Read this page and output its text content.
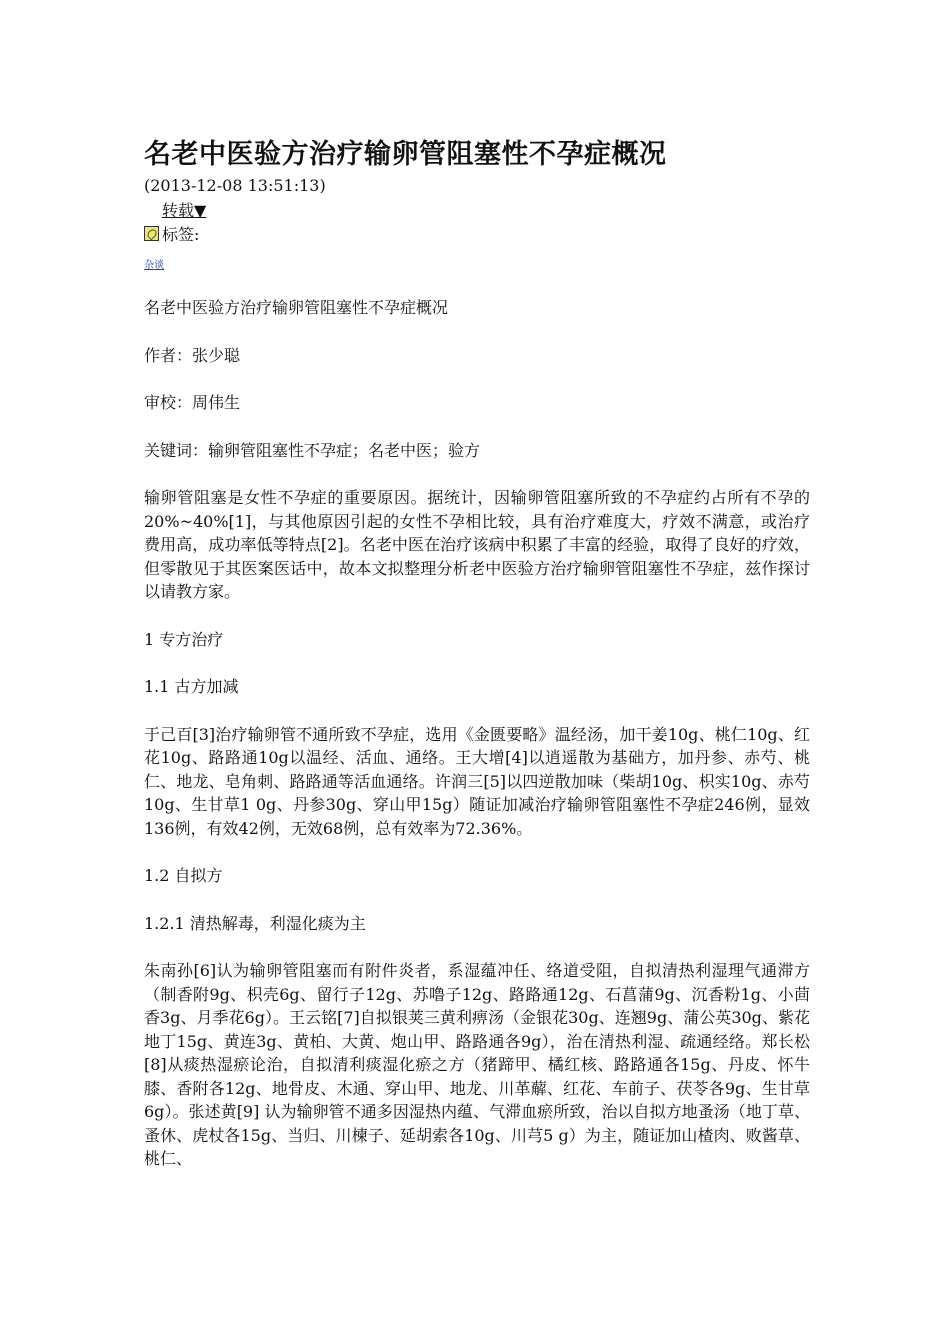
名老中医验方治疗输卵管阻塞性不孕症概况
(2013-12-08 13:51:13)
转载▼
标签:
杂谈

名老中医验方治疗输卵管阻塞性不孕症概况

作者：张少聪

审校：周伟生

关键词：输卵管阻塞性不孕症；名老中医；验方

输卵管阻塞是女性不孕症的重要原因。据统计，因输卵管阻塞所致的不孕症约占所有不孕的20%~40%[1]，与其他原因引起的女性不孕相比较，具有治疗难度大，疗效不满意，或治疗费用高，成功率低等特点[2]。名老中医在治疗该病中积累了丰富的经验，取得了良好的疗效，但零散见于其医案医话中，故本文拟整理分析老中医验方治疗输卵管阻塞性不孕症，兹作探讨以请教方家。

1 专方治疗

1.1 古方加减

于己百[3]治疗输卵管不通所致不孕症，选用《金匮要略》温经汤，加干姜10g、桃仁10g、红花10g、路路通10g以温经、活血、通络。王大增[4]以逍遥散为基础方，加丹参、赤芍、桃仁、地龙、皂角刺、路路通等活血通络。许润三[5]以四逆散加味（柴胡10g、枳实10g、赤芍10g、生甘草1 0g、丹参30g、穿山甲15g）随证加减治疗输卵管阻塞性不孕症246例，显效136例，有效42例，无效68例，总有效率为72.36%。

1.2 自拟方

1.2.1 清热解毒，利湿化痰为主

朱南孙[6]认为输卵管阻塞而有附件炎者，系湿蕴冲任、络道受阻，自拟清热利湿理气通滞方（制香附9g、枳壳6g、留行子12g、苏噜子12g、路路通12g、石菖蒲9g、沉香粉1g、小茴香3g、月季花6g）。王云铭[7]自拟银荚三黄利痹汤（金银花30g、连翘9g、蒲公英30g、紫花地丁15g、黄连3g、黄柏、大黄、炮山甲、路路通各9g），治在清热利湿、疏通经络。郑长松[8]从痰热湿瘀论治，自拟清利痰湿化瘀之方（猪蹄甲、橘红核、路路通各15g、丹皮、怀牛膝、香附各12g、地骨皮、木通、穿山甲、地龙、川革薢、红花、车前子、茯苓各9g、生甘草6g）。张述黄[9] 认为输卵管不通多因湿热内蕴、气滞血瘀所致，治以自拟方地蚤汤（地丁草、蚤休、虎杖各15g、当归、川楝子、延胡索各10g、川芎5 g）为主，随证加山楂肉、败酱草、桃仁、
